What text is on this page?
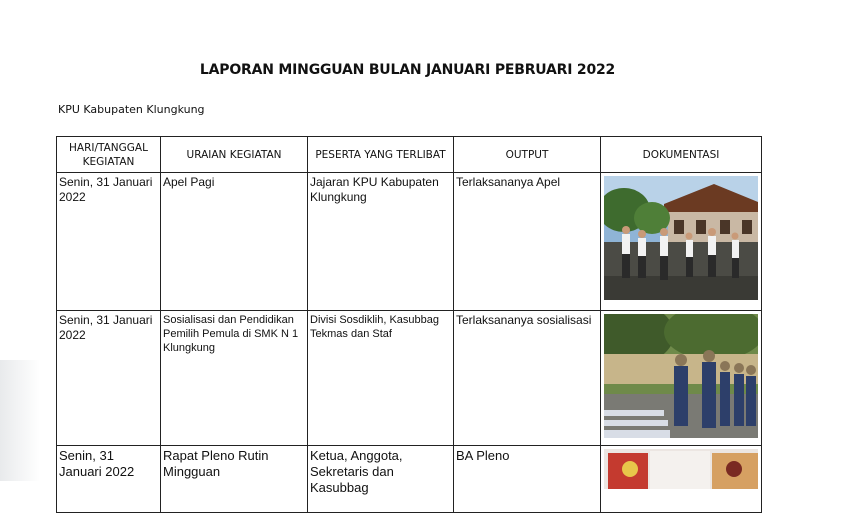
LAPORAN MINGGUAN BULAN JANUARI PEBRUARI 2022
KPU Kabupaten Klungkung
HARI/TANGGAL KEGIATAN	URAIAN KEGIATAN	PESERTA YANG TERLIBAT	OUTPUT	DOKUMENTASI
Senin, 31 Januari 2022	Apel Pagi	Jajaran KPU Kabupaten Klungkung	Terlaksananya Apel	

Senin, 31 Januari 2022	Sosialisasi dan Pendidikan Pemilih Pemula di SMK N 1 Klungkung	Divisi Sosdiklih, Kasubbag Tekmas dan Staf	Terlaksananya sosialisasi	

Senin, 31 Januari 2022	Rapat Pleno Rutin Mingguan	Ketua, Anggota, Sekretaris dan Kasubbag	BA Pleno	
